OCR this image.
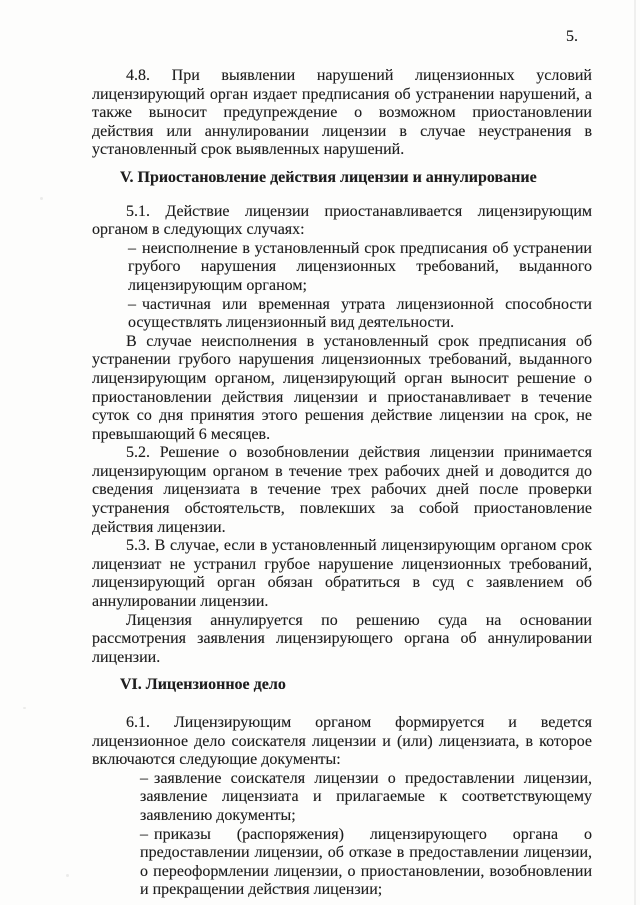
5.

4.8. При выявлении нарушений лицензионных условий лицензирующий орган издает предписания об устранении нарушений, а также выносит предупреждение о возможном приостановлении действия или аннулировании лицензии в случае неустранения в установленный срок выявленных нарушений.

V. Приостановление действия лицензии и аннулирование

5.1. Действие лицензии приостанавливается лицензирующим органом в следующих случаях:

– неисполнение в установленный срок предписания об устранении грубого нарушения лицензионных требований, выданного лицензирующим органом;
– частичная или временная утрата лицензионной способности осуществлять лицензионный вид деятельности.

В случае неисполнения в установленный срок предписания об устранении грубого нарушения лицензионных требований, выданного лицензирующим органом, лицензирующий орган выносит решение о приостановлении действия лицензии и приостанавливает в течение суток со дня принятия этого решения действие лицензии на срок, не превышающий 6 месяцев.

5.2. Решение о возобновлении действия лицензии принимается лицензирующим органом в течение трех рабочих дней и доводится до сведения лицензиата в течение трех рабочих дней после проверки устранения обстоятельств, повлекших за собой приостановление действия лицензии.

5.3. В случае, если в установленный лицензирующим органом срок лицензиат не устранил грубое нарушение лицензионных требований, лицензирующий орган обязан обратиться в суд с заявлением об аннулировании лицензии.

Лицензия аннулируется по решению суда на основании рассмотрения заявления лицензирующего органа об аннулировании лицензии.

VI. Лицензионное дело

6.1. Лицензирующим органом формируется и ведется лицензионное дело соискателя лицензии и (или) лицензиата, в которое включаются следующие документы:

– заявление соискателя лицензии о предоставлении лицензии, заявление лицензиата и прилагаемые к соответствующему заявлению документы;
– приказы (распоряжения) лицензирующего органа о предоставлении лицензии, об отказе в предоставлении лицензии, о переоформлении лицензии, о приостановлении, возобновлении и прекращении действия лицензии;
